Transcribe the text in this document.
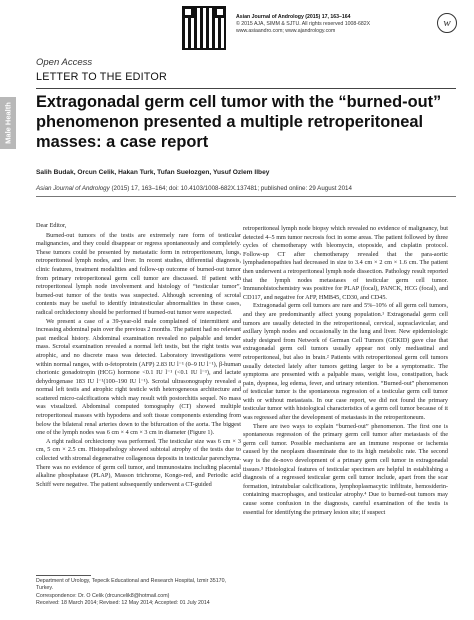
Asian Journal of Andrology (2015) 17, 163–164
© 2015 AJA, SIMM & SJTU. All rights reserved 1008-682X
www.asiaandro.com; www.ajandrology.com
w
Male Health
Open Access
LETTER TO THE EDITOR
Extragonadal germ cell tumor with the “burned-out” phenomenon presented a multiple retroperitoneal masses: a case report
Salih Budak, Orcun Celik, Hakan Turk, Tufan Suelozgen, Yusuf Ozlem Ilbey
Asian Journal of Andrology (2015) 17, 163–164; doi: 10.4103/1008-682X.137481; published online: 29 August 2014

Dear Editor,

Burned-out tumors of the testis are extremely rare form of testicular malignancies, and they could disappear or regress spontaneously and completely. These tumors could be presented by metastatic form in retroperitoneum, lungs, retroperitoneal lymph nodes, and liver. In recent studies, differential diagnosis, clinic features, treatment modalities and follow-up outcome of burned-out tumor from primary retroperitoneal germ cell tumor are discussed. If patient with retroperitoneal lymph node involvement and histology of “testicular tumor”, burned-out tumor of the testis was suspected. Although screening of scrotal contents may be useful to identify intratesticular abnormalities in these cases, radical orchidectomy should be performed if burned-out tumor were suspected.

We present a case of a 39-year-old male complained of intermittent and increasing abdominal pain over the previous 2 months. The patient had no relevant past medical history. Abdominal examination revealed no palpable and tender mass. Scrotal examination revealed a normal left testis, but the right testis was atrophic, and no discrete mass was detected. Laboratory investigations were within normal ranges, with α-fetoprotein (AFP) 2.83 IU l⁻¹ (0–9 IU l⁻¹), β-human chorionic gonadotropin (HCG) hormone <0.1 IU l⁻¹ (<0.1 IU l⁻¹), and lactate dehydrogenase 183 IU l⁻¹(100–190 IU l⁻¹). Scrotal ultrasonography revealed a normal left testis and atrophic right testicle with heterogeneous architecture and scattered micro-calcifications which may result with postorchitis sequel. No mass was visualized. Abdominal computed tomography (CT) showed multiple retroperitoneal masses with hypodens and soft tissue components extending from below the bilateral renal arteries down to the bifurcation of the aorta. The biggest one of the lymph nodes was 6 cm × 4 cm × 3 cm in diameter (Figure 1).

A right radical orchiectomy was performed. The testicular size was 6 cm × 3 cm, 5 cm × 2.5 cm. Histopathology showed subtotal atrophy of the testis due to collected with stromal degenerative collagenous deposits in testicular parenchyma. There was no evidence of germ cell tumor, and immunostains including placental alkaline phosphatase (PLAP), Masson trichrome, Kongo-red, and Periodic acid Schiff were negative. The patient subsequently underwent a CT-guided

retroperitoneal lymph node biopsy which revealed no evidence of malignancy, but detected 4–5 mm tumor necrosis foci in some areas. The patient followed by three cycles of chemotherapy with bleomycin, etoposide, and cisplatin protocol. Follow-up CT after chemotherapy revealed that the para-aortic lymphadenopathies had decreased in size to 3.4 cm × 2 cm × 1.6 cm. The patient then underwent a retroperitoneal lymph node dissection. Pathology result reported that the lymph nodes metastases of testicular germ cell tumor. Immunohistochemistry was positive for PLAP (focal), PANCK, HCG (focal), and CD117, and negative for AFP, HMB45, CD30, and CD45.

Extragonadal germ cell tumors are rare and 5%–10% of all germ cell tumors, and they are predominantly affect young population.¹ Extragonadal germ cell tumors are usually detected in the retroperitoneal, cervical, supraclavicular, and axillary lymph nodes and occasionally in the lung and liver. New epidemiologic study designed from Network of German Cell Tumors (GEKID) gave clue that extragonadal germ cell tumors usually appear not only mediastinal and retroperitoneal, but also in brain.² Patients with retroperitoneal germ cell tumors usually detected lately after tumors getting larger to be a symptomatic. The symptoms are presented with a palpable mass, weight loss, constipation, back pain, dyspnea, leg edema, fever, and urinary retention. “Burned-out” phenomenon of testicular tumor is the spontaneous regression of a testicular germ cell tumor with or without metastasis. In our case report, we did not found the primary testicular tumor with histological characteristics of a germ cell tumor because of it was regressed after the development of metastasis in the retroperitoneum.

There are two ways to explain “burned-out” phenomenon. The first one is spontaneous regression of the primary germ cell tumor after metastasis of the germ cell tumor. Possible mechanisms are an immune response or ischemia caused by the neoplasm disseminate due to its high metabolic rate. The second way is the de-novo development of a primary germ cell tumor in extragonadal tissues.³ Histological features of testicular specimen are helpful in establishing a diagnosis of a regressed testicular germ cell tumor include, apart from the scar formation, intratubular calcifications, lymphoplasmacytic infiltrate, hemosiderin-containing macrophages, and testicular atrophy.⁴ Due to burned-out tumors may cause some confusion in the diagnosis, careful examination of the testis is essential for identifying the primary lesion site; if suspect

Department of Urology, Tepecik Educational and Research Hospital, Izmir 35170, Turkey.

Correspondence: Dr. O Celik (drcuncelik8@hotmail.com)

Received: 18 March 2014; Revised: 12 May 2014; Accepted: 01 July 2014
